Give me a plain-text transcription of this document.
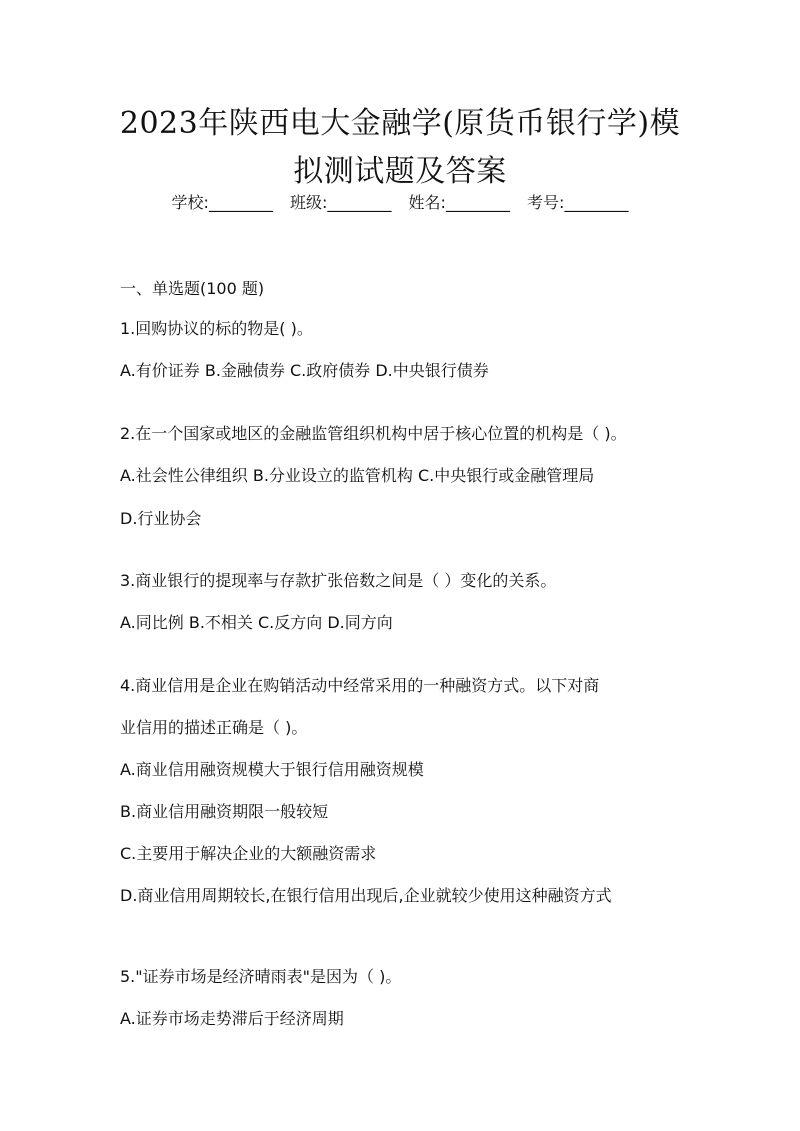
2023年陕西电大金融学(原货币银行学)模
拟测试题及答案
学校:________ 班级:________ 姓名:________ 考号:________
一、单选题(100 题)
1.回购协议的标的物是( )。
A.有价证券 B.金融债券 C.政府债券 D.中央银行债券
2.在一个国家或地区的金融监管组织机构中居于核心位置的机构是（ )。
A.社会性公律组织 B.分业设立的监管机构 C.中央银行或金融管理局
D.行业协会
3.商业银行的提现率与存款扩张倍数之间是（ ）变化的关系。
A.同比例 B.不相关 C.反方向 D.同方向
4.商业信用是企业在购销活动中经常采用的一种融资方式。以下对商
业信用的描述正确是（ )。
A.商业信用融资规模大于银行信用融资规模
B.商业信用融资期限一般较短
C.主要用于解决企业的大额融资需求
D.商业信用周期较长,在银行信用出现后,企业就较少使用这种融资方式
5."证券市场是经济晴雨表"是因为（ )。
A.证券市场走势滞后于经济周期
